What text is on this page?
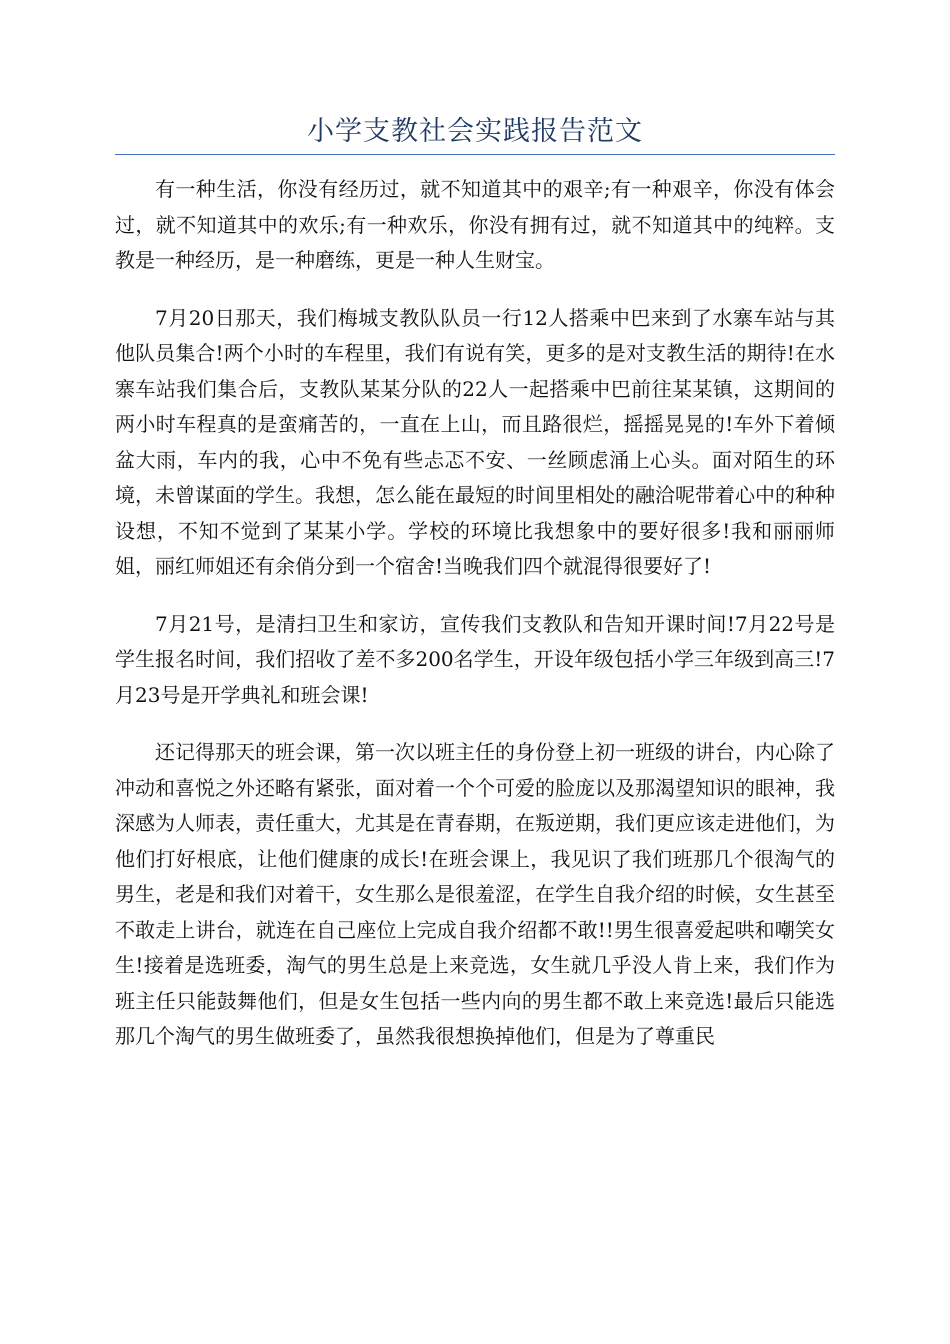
小学支教社会实践报告范文

有一种生活，你没有经历过，就不知道其中的艰辛;有一种艰辛，你没有体会过，就不知道其中的欢乐;有一种欢乐，你没有拥有过，就不知道其中的纯粹。支教是一种经历，是一种磨练，更是一种人生财宝。

7月20日那天，我们梅城支教队队员一行12人搭乘中巴来到了水寨车站与其他队员集合!两个小时的车程里，我们有说有笑，更多的是对支教生活的期待!在水寨车站我们集合后，支教队某某分队的22人一起搭乘中巴前往某某镇，这期间的两小时车程真的是蛮痛苦的，一直在上山，而且路很烂，摇摇晃晃的!车外下着倾盆大雨，车内的我，心中不免有些忐忑不安、一丝顾虑涌上心头。面对陌生的环境，未曾谋面的学生。我想，怎么能在最短的时间里相处的融洽呢带着心中的种种设想，不知不觉到了某某小学。学校的环境比我想象中的要好很多!我和丽丽师姐，丽红师姐还有余俏分到一个宿舍!当晚我们四个就混得很要好了!

7月21号，是清扫卫生和家访，宣传我们支教队和告知开课时间!7月22号是学生报名时间，我们招收了差不多200名学生，开设年级包括小学三年级到高三!7月23号是开学典礼和班会课!

还记得那天的班会课，第一次以班主任的身份登上初一班级的讲台，内心除了冲动和喜悦之外还略有紧张，面对着一个个可爱的脸庞以及那渴望知识的眼神，我深感为人师表，责任重大，尤其是在青春期，在叛逆期，我们更应该走进他们，为他们打好根底，让他们健康的成长!在班会课上，我见识了我们班那几个很淘气的男生，老是和我们对着干，女生那么是很羞涩，在学生自我介绍的时候，女生甚至不敢走上讲台，就连在自己座位上完成自我介绍都不敢!!男生很喜爱起哄和嘲笑女生!接着是选班委，淘气的男生总是上来竞选，女生就几乎没人肯上来，我们作为班主任只能鼓舞他们，但是女生包括一些内向的男生都不敢上来竞选!最后只能选那几个淘气的男生做班委了，虽然我很想换掉他们，但是为了尊重民
